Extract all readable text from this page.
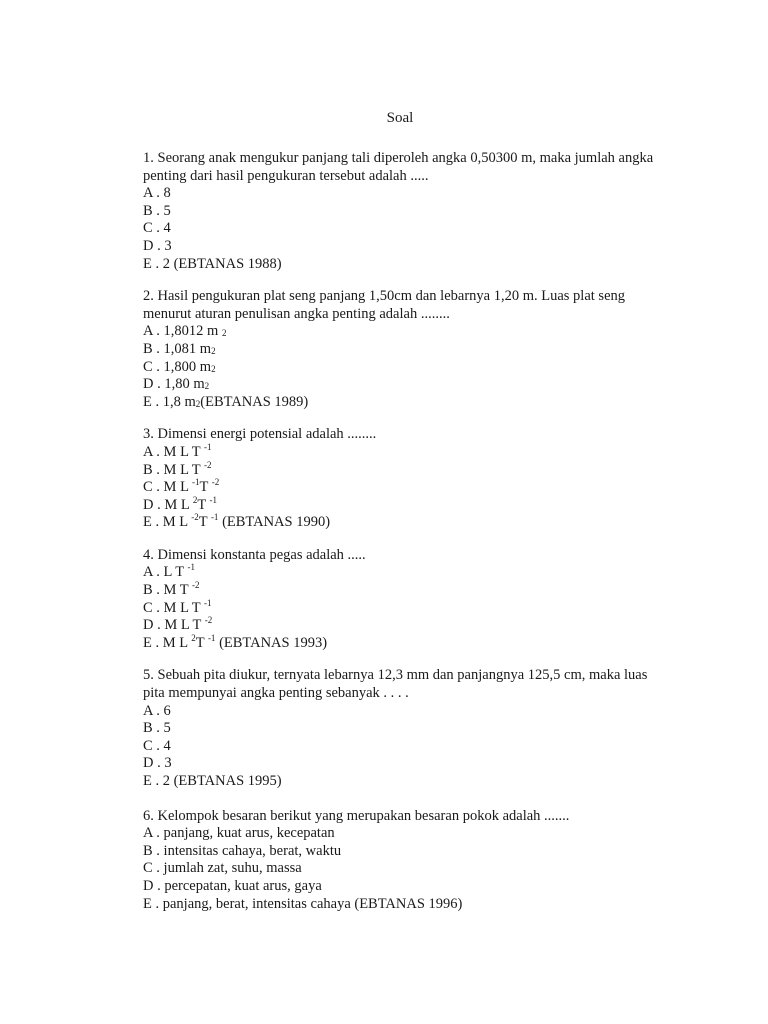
Soal

1. Seorang anak mengukur panjang tali diperoleh angka 0,50300 m, maka jumlah angka penting dari hasil pengukuran tersebut adalah .....

A . 8
B . 5
C . 4
D . 3
E . 2 (EBTANAS 1988)

2. Hasil pengukuran plat seng panjang 1,50cm dan lebarnya 1,20 m. Luas plat seng menurut aturan penulisan angka penting adalah ........

A . 1,8012 m 2
B . 1,081 m2
C . 1,800 m2
D . 1,80 m2
E . 1,8 m2(EBTANAS 1989)

3. Dimensi energi potensial adalah ........

A . M L T $^{-1}$
B . M L T $^{-2}$
C . M L $^{-1}$T $^{-2}$
D . M L $^2$T $^{-1}$
E . M L $^{-2}$T $^{-1}$ (EBTANAS 1990)

4. Dimensi konstanta pegas adalah .....

A . L T $^{-1}$
B . M T $^{-2}$
C . M L T $^{-1}$
D . M L T $^{-2}$
E . M L $^2$T $^{-1}$ (EBTANAS 1993)

5. Sebuah pita diukur, ternyata lebarnya 12,3 mm dan panjangnya 125,5 cm, maka luas pita mempunyai angka penting sebanyak . . . .

A . 6
B . 5
C . 4
D . 3
E . 2 (EBTANAS 1995)

6. Kelompok besaran berikut yang merupakan besaran pokok adalah .......

A . panjang, kuat arus, kecepatan
B . intensitas cahaya, berat, waktu
C . jumlah zat, suhu, massa
D . percepatan, kuat arus, gaya
E . panjang, berat, intensitas cahaya (EBTANAS 1996)
